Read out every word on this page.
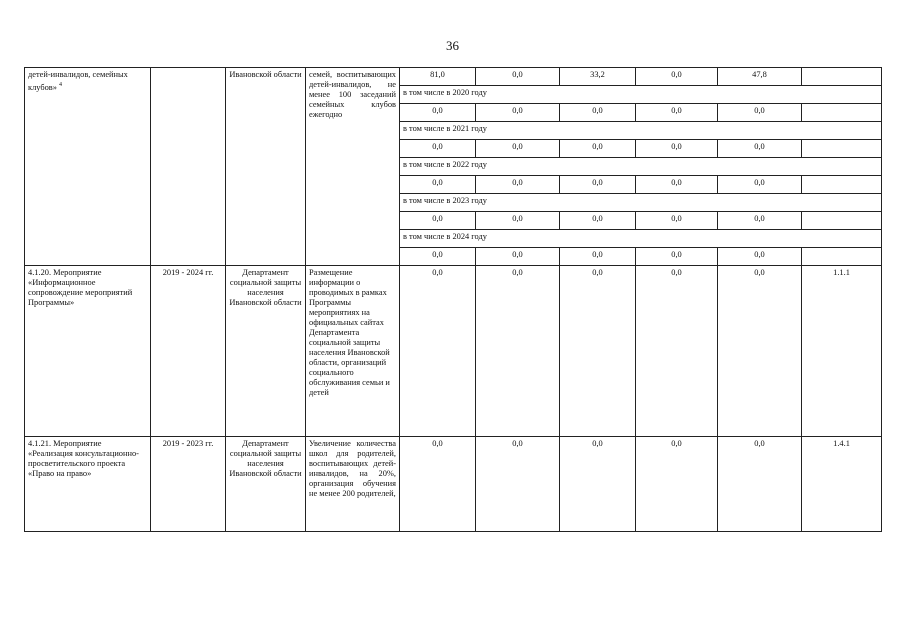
36
детей-инвалидов, семейных клубов» $^4$		Ивановской области	семей, воспитывающих детей-инвалидов, не менее 100 заседаний семейных клубов ежегодно	81,0	0,0	33,2	0,0	47,8	
				в том числе в 2020 году					
				0,0	0,0	0,0	0,0	0,0	
				в том числе в 2021 году					
				0,0	0,0	0,0	0,0	0,0	
				в том числе в 2022 году					
				0,0	0,0	0,0	0,0	0,0	
				в том числе в 2023 году					
				0,0	0,0	0,0	0,0	0,0	
				в том числе в 2024 году					
				0,0	0,0	0,0	0,0	0,0	
4.1.20. Мероприятие «Информационное сопровождение мероприятий Программы»	2019 - 2024 гг.	Департамент социальной защиты населения Ивановской области	Размещение информации о проводимых в рамках Программы мероприятиях на официальных сайтах Департамента социальной защиты населения Ивановской области, организаций социального обслуживания семьи и детей	0,0	0,0	0,0	0,0	0,0	1.1.1
4.1.21. Мероприятие «Реализация консультационно-просветительского проекта «Право на право»	2019 - 2023 гг.	Департамент социальной защиты населения Ивановской области	Увеличение количества школ для родителей, воспитывающих детей-инвалидов, на 20%, организация обучения не менее 200 родителей,	0,0	0,0	0,0	0,0	0,0	1.4.1
